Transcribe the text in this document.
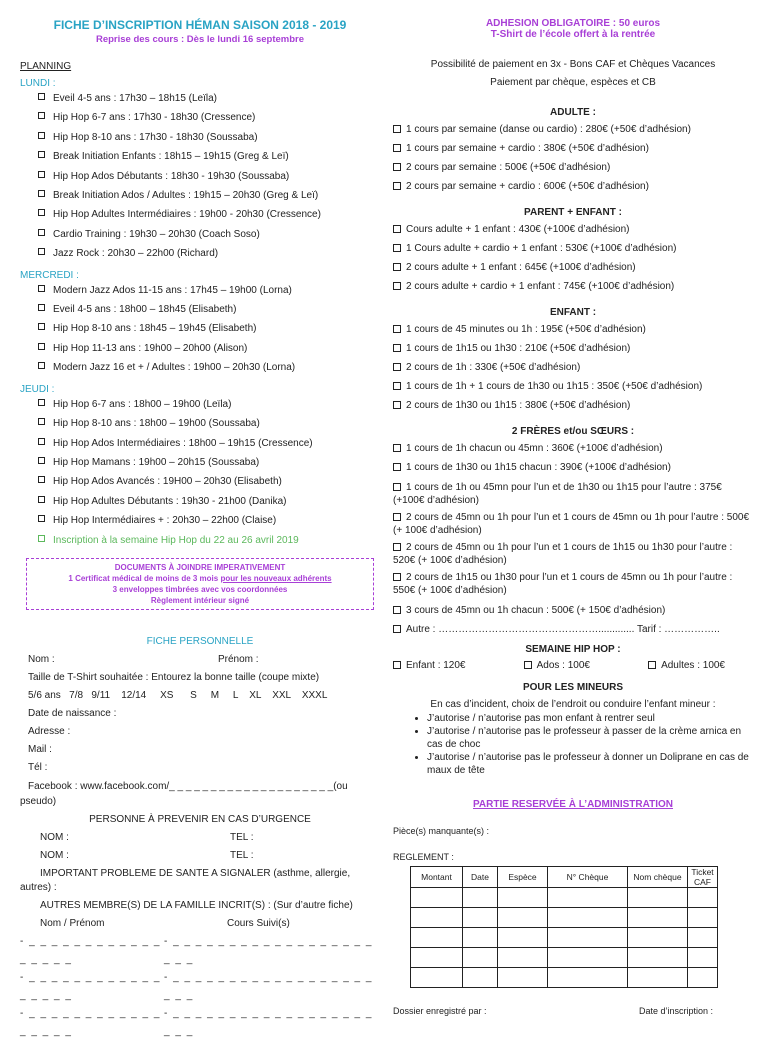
FICHE D’INSCRIPTION HÉMAN SAISON 2018 - 2019
Reprise des cours : Dès le lundi 16 septembre
PLANNING
LUNDI :
Eveil 4-5 ans : 17h30 – 18h15 (Leïla)
Hip Hop 6-7 ans : 17h30 - 18h30 (Cressence)
Hip Hop 8-10 ans : 17h30 - 18h30 (Soussaba)
Break Initiation Enfants : 18h15 – 19h15 (Greg & Leï)
Hip Hop Ados Débutants : 18h30 - 19h30 (Soussaba)
Break Initiation Ados / Adultes : 19h15 – 20h30 (Greg & Leï)
Hip Hop Adultes Intermédiaires : 19h00 - 20h30 (Cressence)
Cardio Training : 19h30 – 20h30 (Coach Soso)
Jazz Rock : 20h30 – 22h00 (Richard)
MERCREDI :
Modern Jazz Ados 11-15 ans : 17h45 – 19h00 (Lorna)
Eveil 4-5 ans : 18h00 – 18h45 (Elisabeth)
Hip Hop 8-10 ans : 18h45 – 19h45 (Elisabeth)
Hip Hop 11-13 ans : 19h00 – 20h00 (Alison)
Modern Jazz 16 et + / Adultes : 19h00 – 20h30 (Lorna)
JEUDI :
Hip Hop 6-7 ans : 18h00 – 19h00 (Leïla)
Hip Hop 8-10 ans : 18h00 – 19h00 (Soussaba)
Hip Hop Ados Intermédiaires : 18h00 – 19h15 (Cressence)
Hip Hop Mamans : 19h00 – 20h15 (Soussaba)
Hip Hop Ados Avancés : 19H00 – 20h30 (Elisabeth)
Hip Hop Adultes Débutants : 19h30 - 21h00 (Danika)
Hip Hop Intermédiaires + : 20h30 – 22h00 (Claise)
Inscription à la semaine Hip Hop du 22 au 26 avril 2019
DOCUMENTS À JOINDRE IMPERATIVEMENT
1 Certificat médical de moins de 3 mois pour les nouveaux adhérents
3 enveloppes timbrées avec vos coordonnées
Règlement intérieur signé
FICHE PERSONNELLE
Nom :	Prénom :
Taille de T-Shirt souhaitée : Entourez la bonne taille (coupe mixte)
5/6 ans   7/8   9/11    12/14     XS      S     M     L    XL    XXL    XXXL
Date de naissance :
Adresse :
Mail :
Tél :
Facebook : www.facebook.com/_ _ _ _ _ _ _ _ _ _ _ _ _ _ _ _ _ _ _ _(ou pseudo)
PERSONNE À PREVENIR EN CAS D’URGENCE
NOM :	TEL :
NOM :	TEL :
IMPORTANT PROBLEME DE SANTE A SIGNALER (asthme, allergie, autres) :
AUTRES MEMBRE(S) DE LA FAMILLE INCRIT(S) : (Sur d’autre fiche)
Nom / Prénom	Cours Suivi(s)
- _ _ _ _ _ _ _ _ _ _ _ _ _ _ _ _ _
- _ _ _ _ _ _ _ _ _ _ _ _ _ _ _ _ _ _ _ _ _
- _ _ _ _ _ _ _ _ _ _ _ _ _ _ _ _ _
- _ _ _ _ _ _ _ _ _ _ _ _ _ _ _ _ _ _ _ _ _
- _ _ _ _ _ _ _ _ _ _ _ _ _ _ _ _ _
- _ _ _ _ _ _ _ _ _ _ _ _ _ _ _ _ _ _ _ _ _
ADHESION OBLIGATOIRE : 50 euros
T-Shirt de l’école offert à la rentrée
Possibilité de paiement en 3x - Bons CAF et Chèques Vacances
Paiement par chèque, espèces et CB
ADULTE :
1 cours par semaine (danse ou cardio) : 280€ (+50€ d’adhésion)
1 cours par semaine + cardio : 380€ (+50€ d’adhésion)
2 cours par semaine : 500€ (+50€ d’adhésion)
2 cours par semaine + cardio : 600€ (+50€ d’adhésion)
PARENT + ENFANT :
Cours adulte + 1 enfant : 430€ (+100€ d’adhésion)
1 Cours adulte + cardio + 1 enfant : 530€ (+100€ d’adhésion)
2 cours adulte + 1 enfant : 645€ (+100€ d’adhésion)
2 cours adulte + cardio + 1 enfant : 745€ (+100€ d’adhésion)
ENFANT :
1 cours de 45 minutes ou 1h : 195€ (+50€ d’adhésion)
1 cours de 1h15 ou 1h30 : 210€ (+50€ d’adhésion)
2 cours de 1h : 330€ (+50€ d’adhésion)
1 cours de 1h + 1 cours de 1h30 ou 1h15 : 350€ (+50€ d’adhésion)
2 cours de 1h30 ou 1h15 : 380€ (+50€ d’adhésion)
2 FRÈRES et/ou SŒURS :
1 cours de 1h chacun ou 45mn : 360€ (+100€ d’adhésion)
1 cours de 1h30 ou 1h15 chacun : 390€ (+100€ d’adhésion)
1 cours de 1h ou 45mn pour l’un et de 1h30 ou 1h15 pour l’autre : 375€ (+100€ d’adhésion)
2 cours de 45mn ou 1h pour l’un et 1 cours de 45mn ou 1h pour l’autre : 500€ (+ 100€ d’adhésion)
2 cours de 45mn ou 1h pour l’un et 1 cours de 1h15 ou 1h30 pour l’autre : 520€ (+ 100€ d’adhésion)
2 cours de 1h15 ou 1h30 pour l’un et 1 cours de 45mn ou 1h pour l’autre : 550€ (+ 100€ d’adhésion)
3 cours de 45mn ou 1h chacun : 500€ (+ 150€ d’adhésion)
Autre : …………………………………………............. Tarif : ……………..
SEMAINE HIP HOP :
Enfant : 120€	Ados : 100€	Adultes : 100€
POUR LES MINEURS
En cas d’incident, choix de l’endroit ou conduire l’enfant mineur :
• J’autorise / n’autorise pas mon enfant à rentrer seul
• J’autorise / n’autorise pas le professeur à passer de la crème arnica en cas de choc
• J’autorise / n’autorise pas le professeur à donner un Doliprane en cas de maux de tête
PARTIE RESERVÉE À L’ADMINISTRATION
Pièce(s) manquante(s) :
REGLEMENT :
Montant	Date	Espèce	N° Chèque	Nom chèque	Ticket CAF

Dossier enregistré par :	Date d’inscription :
